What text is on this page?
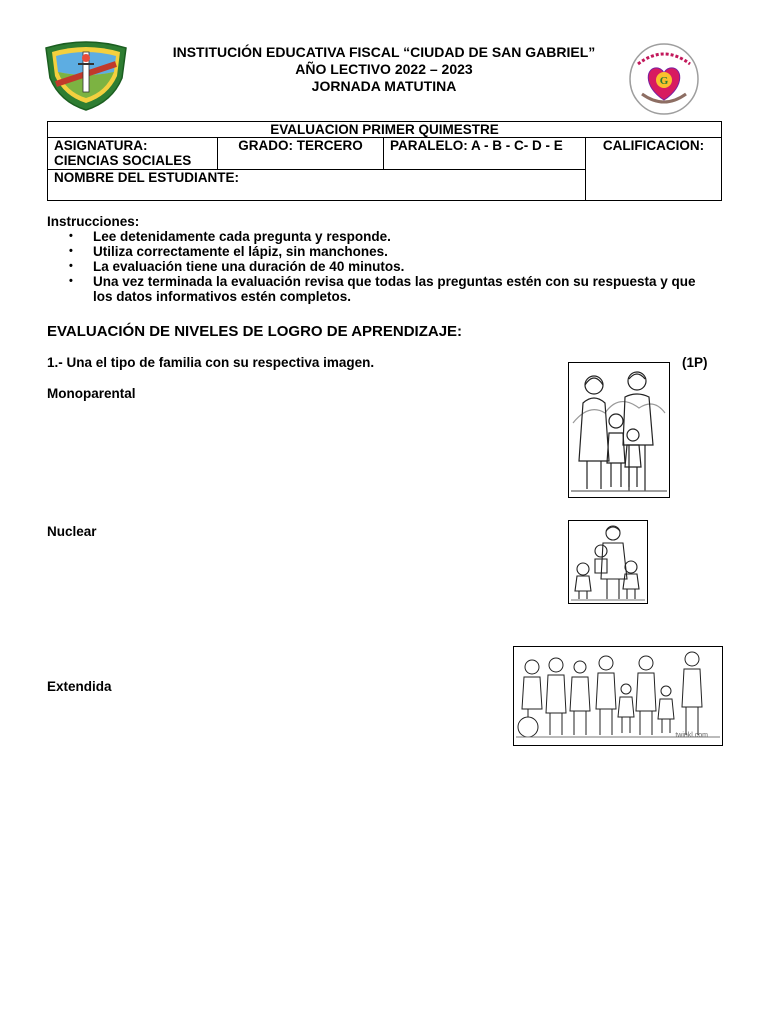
INSTITUCIÓN EDUCATIVA FISCAL “CIUDAD DE SAN GABRIEL”
AÑO LECTIVO 2022 – 2023
JORNADA MATUTINA	G
EVALUACION PRIMER QUIMESTRE

ASIGNATURA:
CIENCIAS SOCIALES
	GRADO: TERCERO	PARALELO: A - B - C- D - E	CALIFICACION:
NOMBRE DEL ESTUDIANTE:
Instrucciones:
• Lee detenidamente cada pregunta y responde.
• Utiliza correctamente el lápiz, sin manchones.
• La evaluación tiene una duración de 40 minutos.
• Una vez terminada la evaluación revisa que todas las preguntas estén con su respuesta y que los datos informativos estén completos.
EVALUACIÓN DE NIVELES DE LOGRO DE APRENDIZAJE:
1.- Una el tipo de familia con su respectiva imagen.	(1P)
Monoparental
Nuclear
Extendida
twinkl.com
